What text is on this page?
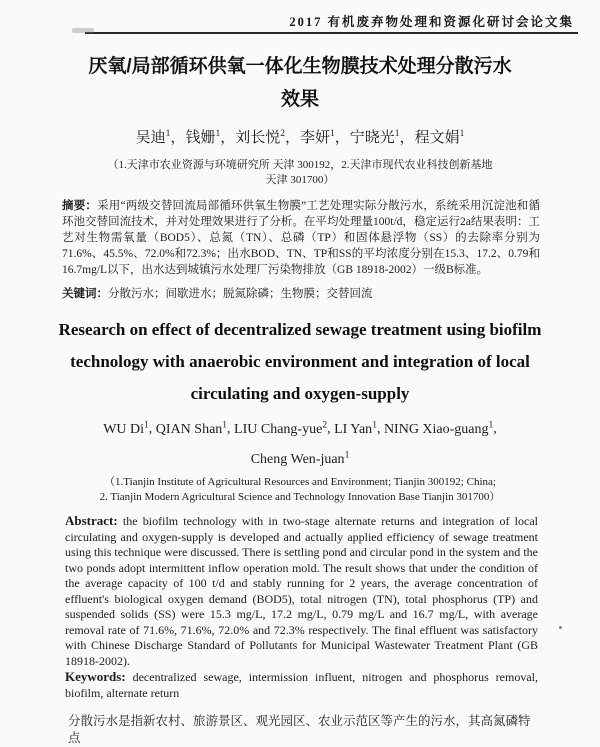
2017 有机废弃物处理和资源化研讨会论文集
厌氧/局部循环供氧一体化生物膜技术处理分散污水效果
吴迪$^1$，钱姗$^1$，刘长悦$^2$，李妍$^1$，宁晓光$^1$，程文娟$^1$
（1.天津市农业资源与环境研究所 天津 300192，2.天津市现代农业科技创新基地
天津 301700）

摘要：采用“两级交替回流局部循环供氧生物膜”工艺处理实际分散污水，系统采用沉淀池和循环池交替回流技术，并对处理效果进行了分析。在平均处理量100t/d，稳定运行2a结果表明：工艺对生物需氧量（BOD5）、总氮（TN）、总磷（TP）和固体悬浮物（SS）的去除率分别为71.6%、45.5%、72.0%和72.3%；出水BOD、TN、TP和SS的平均浓度分别在15.3、17.2、0.79和16.7mg/L以下，出水达到城镇污水处理厂污染物排放（GB 18918-2002）一级B标准。

关键词：分散污水；间歇进水；脱氮除磷；生物膜；交替回流

Research on effect of decentralized sewage treatment using biofilm technology with anaerobic environment and integration of local circulating and oxygen-supply
WU Di$^1$, QIAN Shan$^1$, LIU Chang-yue$^2$, LI Yan$^1$, NING Xiao-guang$^1$, Cheng Wen-juan$^1$
（1.Tianjin Institute of Agricultural Resources and Environment; Tianjin 300192; China;
2. Tianjin Modern Agricultural Science and Technology Innovation Base Tianjin 301700）

Abstract: the biofilm technology with in two-stage alternate returns and integration of local circulating and oxygen-supply is developed and actually applied efficiency of sewage treatment using this technique were discussed. There is settling pond and circular pond in the system and the two ponds adopt intermittent inflow operation mold. The result shows that under the condition of the average capacity of 100 t/d and stably running for 2 years, the average concentration of effluent's biological oxygen demand (BOD5), total nitrogen (TN), total phosphorus (TP) and suspended solids (SS) were 15.3 mg/L, 17.2 mg/L, 0.79 mg/L and 16.7 mg/L, with average removal rate of 71.6%, 71.6%, 72.0% and 72.3% respectively. The final effluent was satisfactory with Chinese Discharge Standard of Pollutants for Municipal Wastewater Treatment Plant (GB 18918-2002).

Keywords: decentralized sewage, intermission influent, nitrogen and phosphorus removal, biofilm, alternate return

分散污水是指新农村、旅游景区、观光园区、农业示范区等产生的污水，其高氮磷特点
